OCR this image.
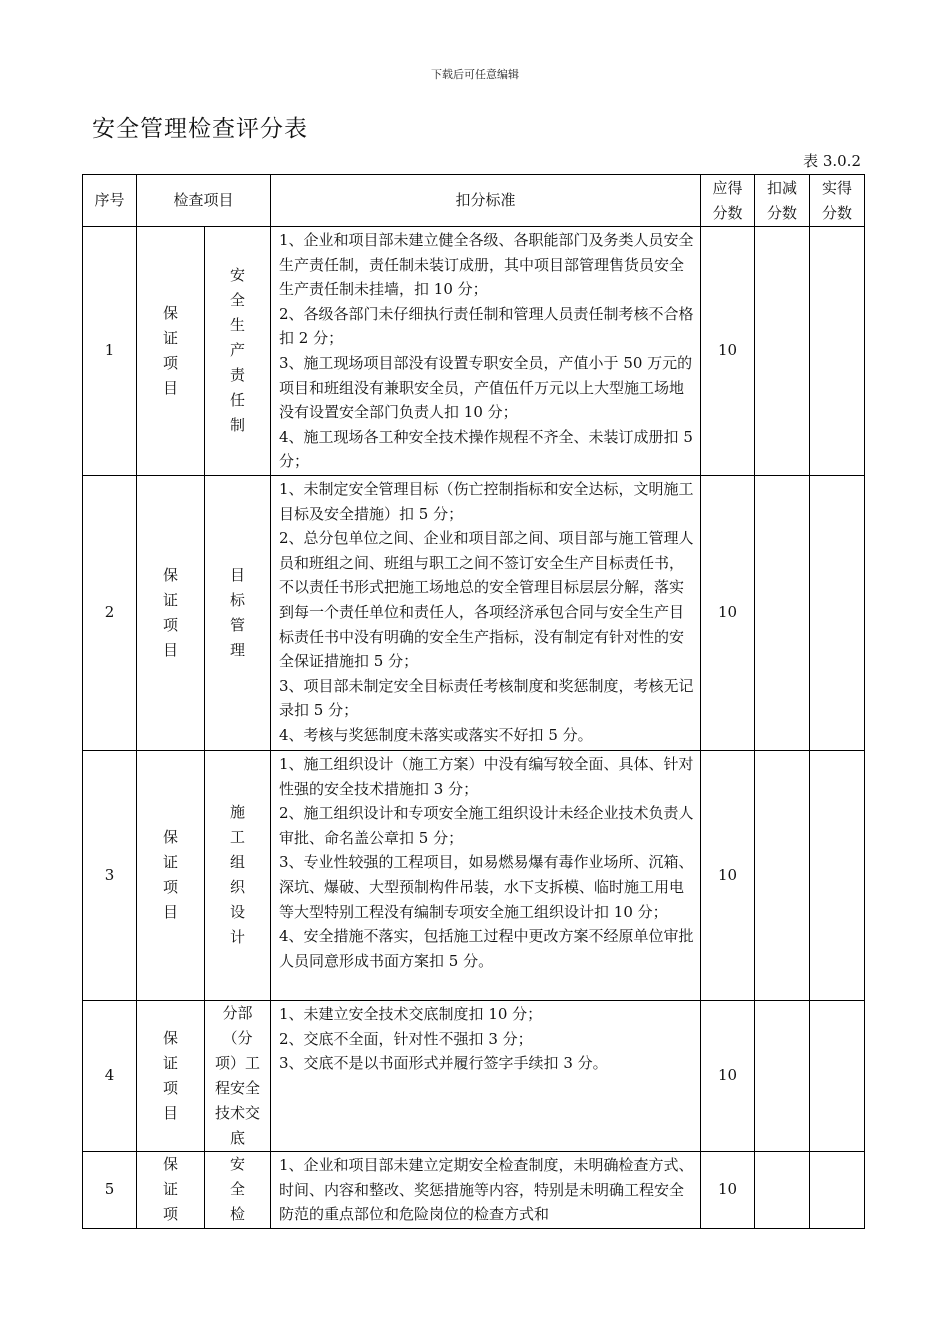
下载后可任意编辑
安全管理检查评分表
表 3.0.2
序号	检查项目		扣分标准	应得分数	扣减分数	实得分数
1	保证项目	安全生产责任制	1、企业和项目部未建立健全各级、各职能部门及务类人员安全生产责任制，责任制未装订成册，其中项目部管理售货员安全生产责任制未挂墙，扣 10 分；
2、各级各部门未仔细执行责任制和管理人员责任制考核不合格扣 2 分；
3、施工现场项目部没有设置专职安全员，产值小于 50 万元的项目和班组没有兼职安全员，产值伍仟万元以上大型施工场地没有设置安全部门负责人扣 10 分；
4、施工现场各工种安全技术操作规程不齐全、未装订成册扣 5 分；	10		
2	保证项目	目标管理	1、未制定安全管理目标（伤亡控制指标和安全达标，文明施工目标及安全措施）扣 5 分；
2、总分包单位之间、企业和项目部之间、项目部与施工管理人员和班组之间、班组与职工之间不签订安全生产目标责任书，不以责任书形式把施工场地总的安全管理目标层层分解，落实到每一个责任单位和责任人，各项经济承包合同与安全生产目标责任书中没有明确的安全生产指标，没有制定有针对性的安全保证措施扣 5 分；
3、项目部未制定安全目标责任考核制度和奖惩制度，考核无记录扣 5 分；
4、考核与奖惩制度未落实或落实不好扣 5 分。	10		
3	保证项目	施工组织设计	1、施工组织设计（施工方案）中没有编写较全面、具体、针对性强的安全技术措施扣 3 分；
2、施工组织设计和专项安全施工组织设计未经企业技术负责人审批、命名盖公章扣 5 分；
3、专业性较强的工程项目，如易燃易爆有毒作业场所、沉箱、深坑、爆破、大型预制构件吊装，水下支拆模、临时施工用电等大型特别工程没有编制专项安全施工组织设计扣 10 分；
4、安全措施不落实，包括施工过程中更改方案不经原单位审批人员同意形成书面方案扣 5 分。	10		
4	保证项目	分部（分项）工程安全技术交底	1、未建立安全技术交底制度扣 10 分；
2、交底不全面，针对性不强扣 3 分；
3、交底不是以书面形式并履行签字手续扣 3 分。	10		
5	保证项	安全检	1、企业和项目部未建立定期安全检查制度，未明确检查方式、时间、内容和整改、奖惩措施等内容，特别是未明确工程安全防范的重点部位和危险岗位的检查方式和	10		
